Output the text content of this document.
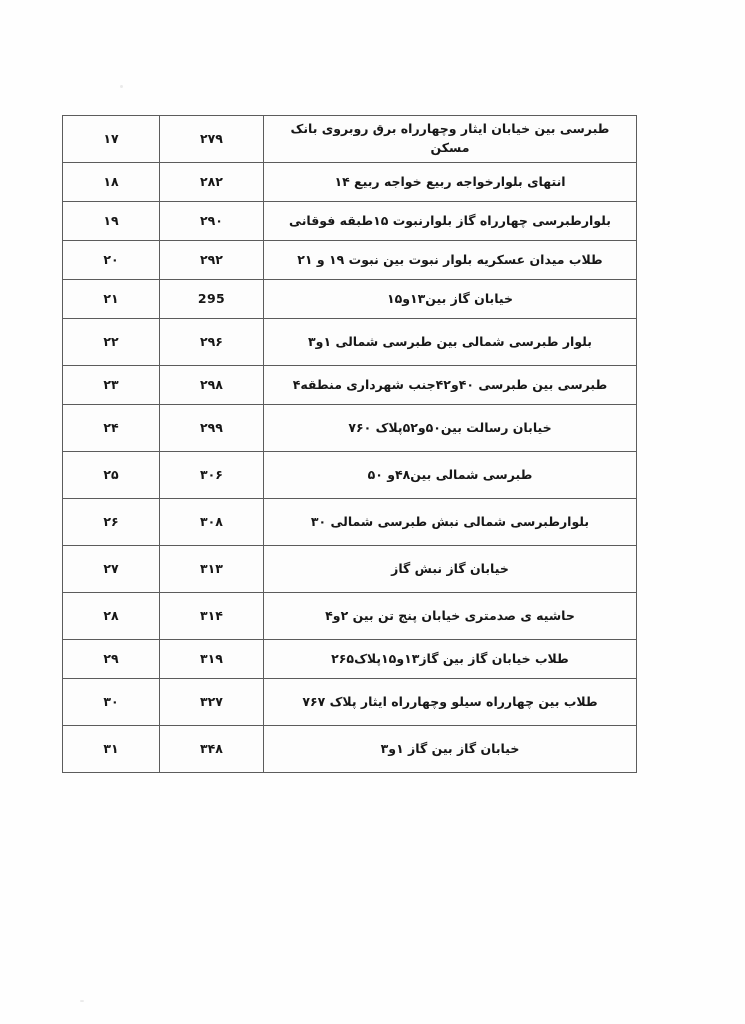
طبرسی بین خیابان ایثار وچهارراه برق روبروی بانک مسکن	۲۷۹	۱۷
انتهای بلوارخواجه ربیع خواجه ربیع ۱۴	۲۸۲	۱۸
بلوارطبرسی چهارراه گاز بلوارنبوت ۱۵طبقه فوقانی	۲۹۰	۱۹
طلاب میدان عسکریه بلوار نبوت بین نبوت ۱۹ و ۲۱	۲۹۲	۲۰
خیابان گاز بین۱۳و۱۵	295	۲۱
بلوار طبرسی شمالی بین طبرسی شمالی ۱و۳	۲۹۶	۲۲
طبرسی بین طبرسی ۴۰و۴۲جنب شهرداری منطقه۴	۲۹۸	۲۳
خیابان رسالت بین۵۰و۵۲پلاک ۷۶۰	۲۹۹	۲۴
طبرسی شمالی بین۴۸و ۵۰	۳۰۶	۲۵
بلوارطبرسی شمالی نبش طبرسی شمالی ۳۰	۳۰۸	۲۶
خیابان گاز نبش گاز	۳۱۳	۲۷
حاشیه ی صدمتری خیابان پنج تن بین ۲و۴	۳۱۴	۲۸
طلاب خیابان گاز بین گاز۱۳و۱۵پلاک۲۶۵	۳۱۹	۲۹
طلاب بین چهارراه سیلو وچهارراه ایثار پلاک ۷۶۷	۳۲۷	۳۰
خیابان گاز بین گاز ۱و۳	۳۴۸	۳۱
